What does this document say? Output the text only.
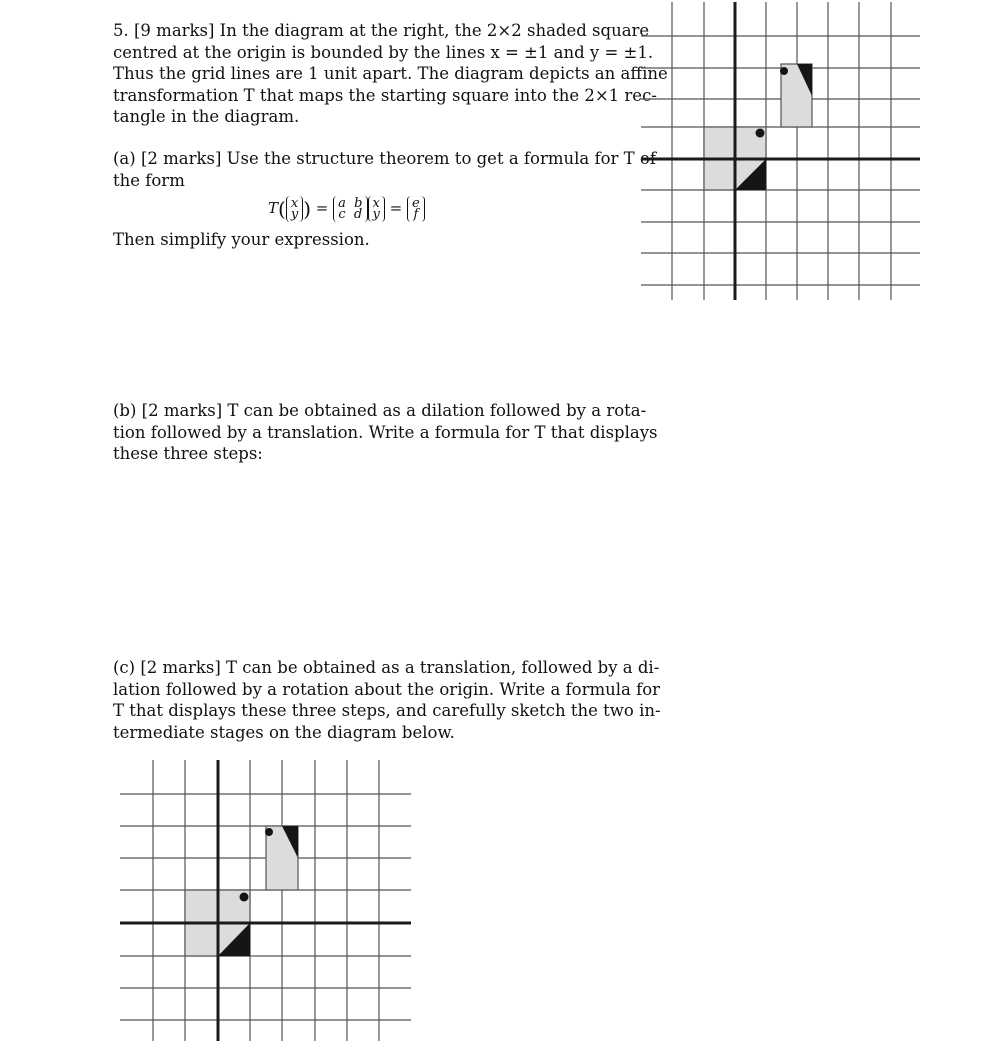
5. [9 marks] In the diagram at the right, the 2×2 shaded square
centred at the origin is bounded by the lines x = ±1 and y = ±1.
Thus the grid lines are 1 unit apart. The diagram depicts an affine
transformation T that maps the starting square into the 2×1 rec-
tangle in the diagram.
(a) [2 marks] Use the structure theorem to get a formula for T of
the form
T( x
y ) = a b
c dx
y = e
f
Then simplify your expression.
(b) [2 marks] T can be obtained as a dilation followed by a rota-
tion followed by a translation. Write a formula for T that displays
these three steps:
(c) [2 marks] T can be obtained as a translation, followed by a di-
lation followed by a rotation about the origin. Write a formula for
T that displays these three steps, and carefully sketch the two in-
termediate stages on the diagram below.
